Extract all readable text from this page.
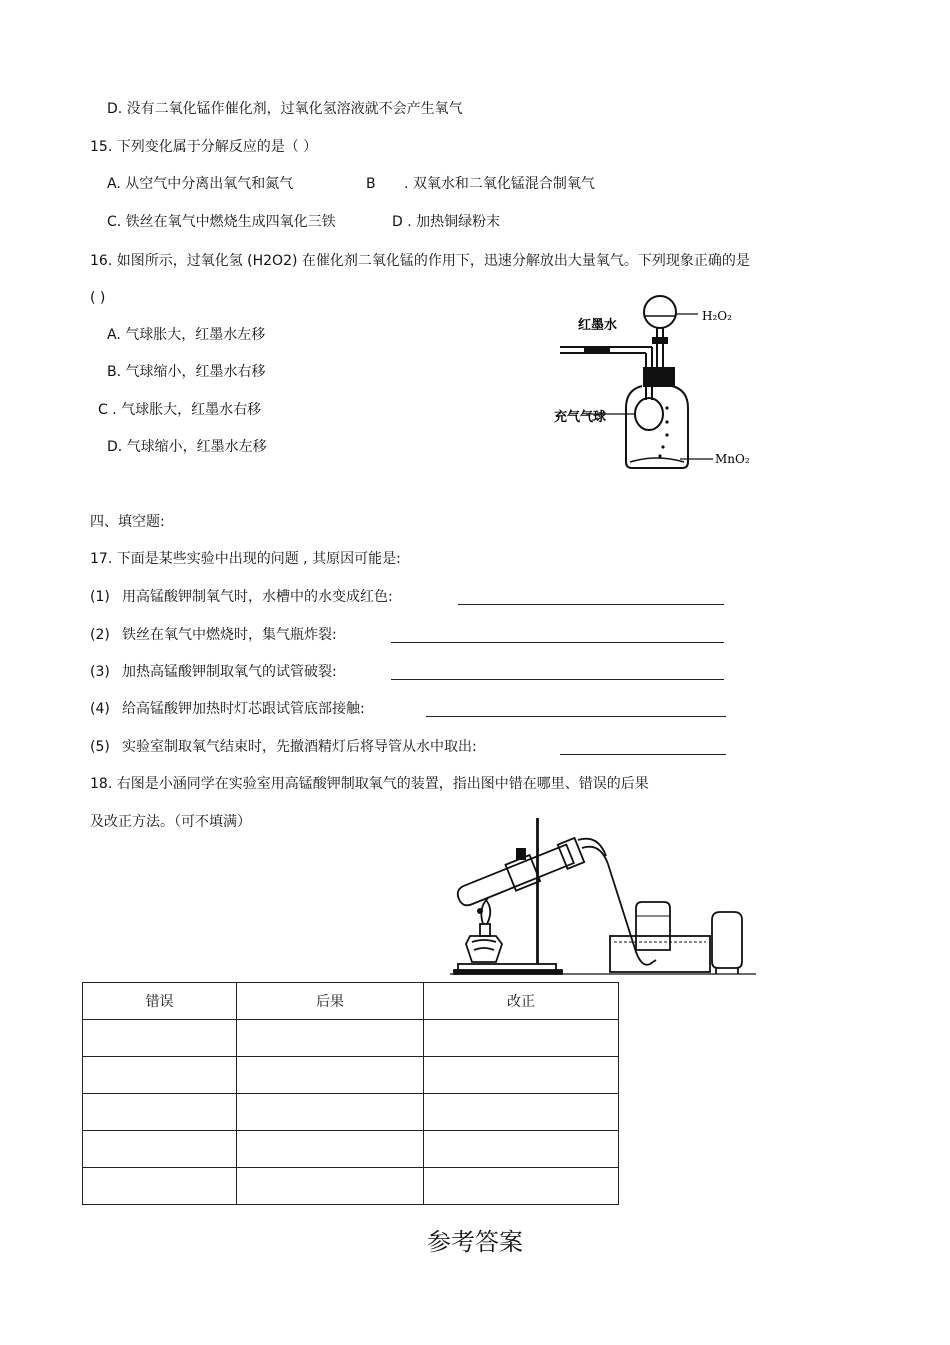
D. 没有二氧化锰作催化剂，过氧化氢溶液就不会产生氧气
15. 下列变化属于分解反应的是（ ）
A. 从空气中分离出氧气和氮气	B . 双氧水和二氧化锰混合制氧气
C. 铁丝在氧气中燃烧生成四氧化三铁	D . 加热铜绿粉末
16. 如图所示，过氧化氢 (H2O2) 在催化剂二氧化锰的作用下，迅速分解放出大量氧气。下列现象正确的是
( )
A. 气球胀大，红墨水左移
B. 气球缩小，红墨水右移
C . 气球胀大，红墨水右移
D. 气球缩小，红墨水左移
红墨水
H₂O₂
充气气球
MnO₂
四、填空题:
17. 下面是某些实验中出现的问题 , 其原因可能是:
(1) 用高锰酸钾制氧气时，水槽中的水变成红色:
(2) 铁丝在氧气中燃烧时，集气瓶炸裂:
(3) 加热高锰酸钾制取氧气的试管破裂:
(4) 给高锰酸钾加热时灯芯跟试管底部接触:
(5) 实验室制取氧气结束时，先撤酒精灯后将导管从水中取出:
18. 右图是小涵同学在实验室用高锰酸钾制取氧气的装置，指出图中错在哪里、错误的后果
及改正方法。（可不填满）
错误	后果	改正

参考答案
